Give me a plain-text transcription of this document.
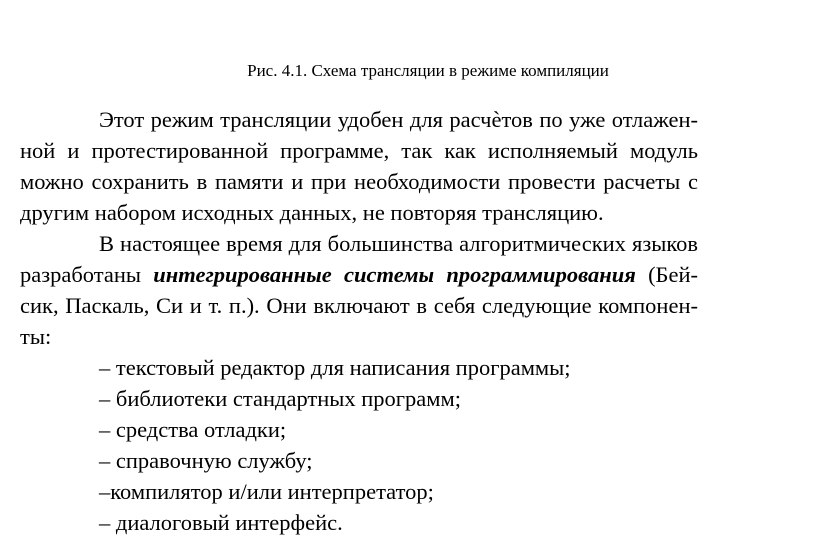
Рис. 4.1. Схема трансляции в режиме компиляции

Этот режим трансляции удобен для расчѐтов по уже отлажен- ной и протестированной программе, так как исполняемый модуль можно сохранить в памяти и при необходимости провести расчеты с другим набором исходных данных, не повторяя трансляцию.

В настоящее время для большинства алгоритмических языков разработаны интегрированные системы программирования (Бей- сик, Паскаль, Си и т. п.). Они включают в себя следующие компонен-ты:

– текстовый редактор для написания программы;
– библиотеки стандартных программ;
– средства отладки;
– справочную службу;
–компилятор и/или интерпретатор;
– диалоговый интерфейс.
